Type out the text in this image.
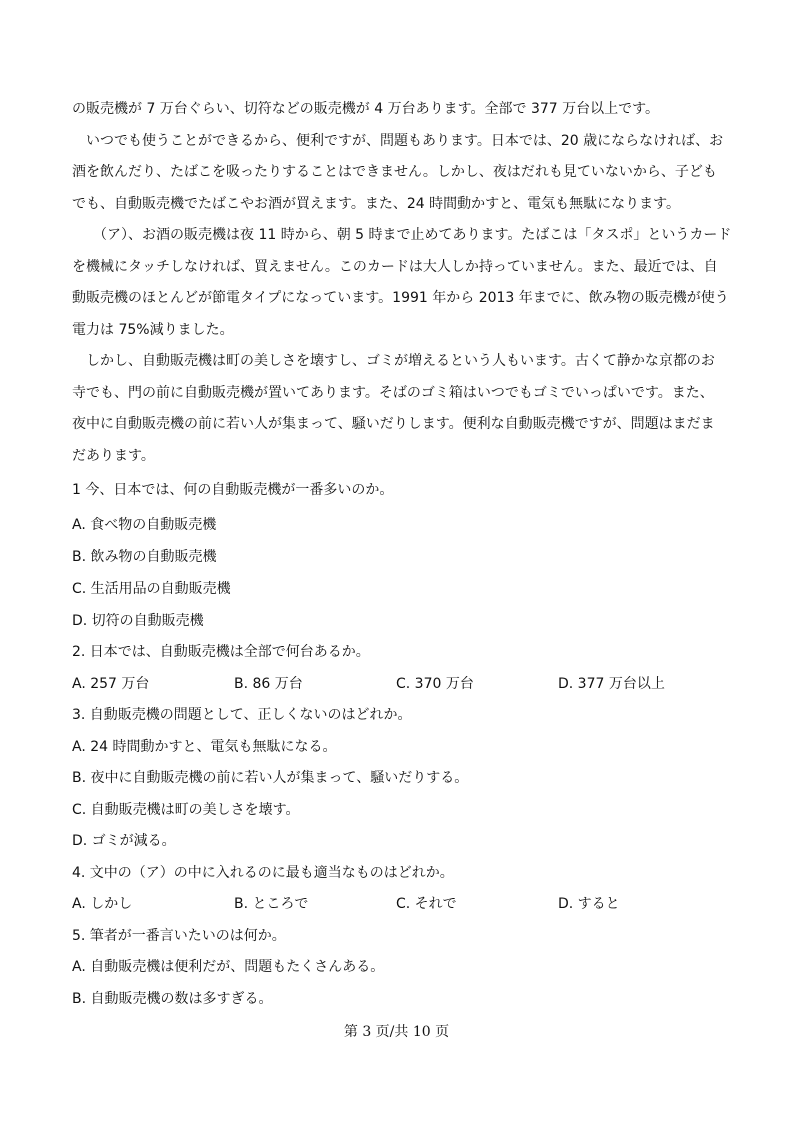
の販売機が 7 万台ぐらい、切符などの販売機が 4 万台あります。全部で 377 万台以上です。

いつでも使うことができるから、便利ですが、問題もあります。日本では、20 歳にならなければ、お

酒を飲んだり、たばこを吸ったりすることはできません。しかし、夜はだれも見ていないから、子ども

でも、自動販売機でたばこやお酒が買えます。また、24 時間動かすと、電気も無駄になります。

（ア）、お酒の販売機は夜 11 時から、朝 5 時まで止めてあります。たばこは「タスポ」というカード

を機械にタッチしなければ、買えません。このカードは大人しか持っていません。また、最近では、自

動販売機のほとんどが節電タイプになっています。1991 年から 2013 年までに、飲み物の販売機が使う

電力は 75%減りました。

しかし、自動販売機は町の美しさを壊すし、ゴミが増えるという人もいます。古くて静かな京都のお

寺でも、門の前に自動販売機が置いてあります。そばのゴミ箱はいつでもゴミでいっぱいです。また、

夜中に自動販売機の前に若い人が集まって、騒いだりします。便利な自動販売機ですが、問題はまだま

だあります。

1 今、日本では、何の自動販売機が一番多いのか。

A. 食べ物の自動販売機

B. 飲み物の自動販売機

C. 生活用品の自動販売機

D. 切符の自動販売機

2. 日本では、自動販売機は全部で何台あるか。

A. 257 万台	B. 86 万台	C. 370 万台	D. 377 万台以上

3. 自動販売機の問題として、正しくないのはどれか。

A. 24 時間動かすと、電気も無駄になる。

B. 夜中に自動販売機の前に若い人が集まって、騒いだりする。

C. 自動販売機は町の美しさを壊す。

D. ゴミが減る。

4. 文中の（ア）の中に入れるのに最も適当なものはどれか。

A. しかし	B. ところで	C. それで	D. すると

5. 筆者が一番言いたいのは何か。

A. 自動販売機は便利だが、問題もたくさんある。

B. 自動販売機の数は多すぎる。

第 3 页/共 10 页
